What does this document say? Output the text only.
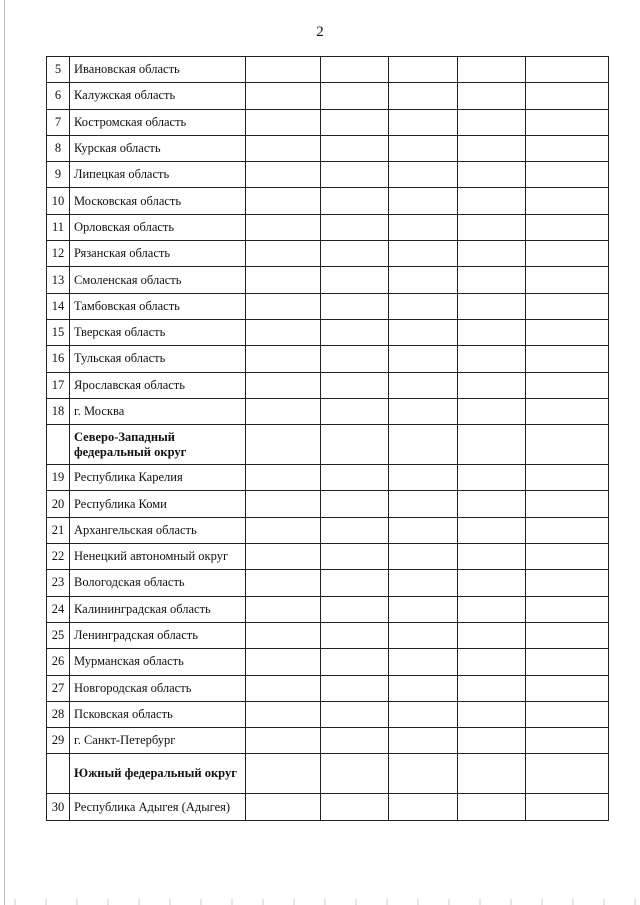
2
5	Ивановская область					
6	Калужская область					
7	Костромская область					
8	Курская область					
9	Липецкая область					
10	Московская область					
11	Орловская область					
12	Рязанская область					
13	Смоленская область					
14	Тамбовская область					
15	Тверская область					
16	Тульская область					
17	Ярославская область					
18	г. Москва					
	Северо-Западный федеральный округ					
19	Республика Карелия					
20	Республика Коми					
21	Архангельская область					
22	Ненецкий автономный округ					
23	Вологодская область					
24	Калининградская область					
25	Ленинградская область					
26	Мурманская область					
27	Новгородская область					
28	Псковская область					
29	г. Санкт-Петербург					
	Южный федеральный округ					
30	Республика Адыгея (Адыгея)					
